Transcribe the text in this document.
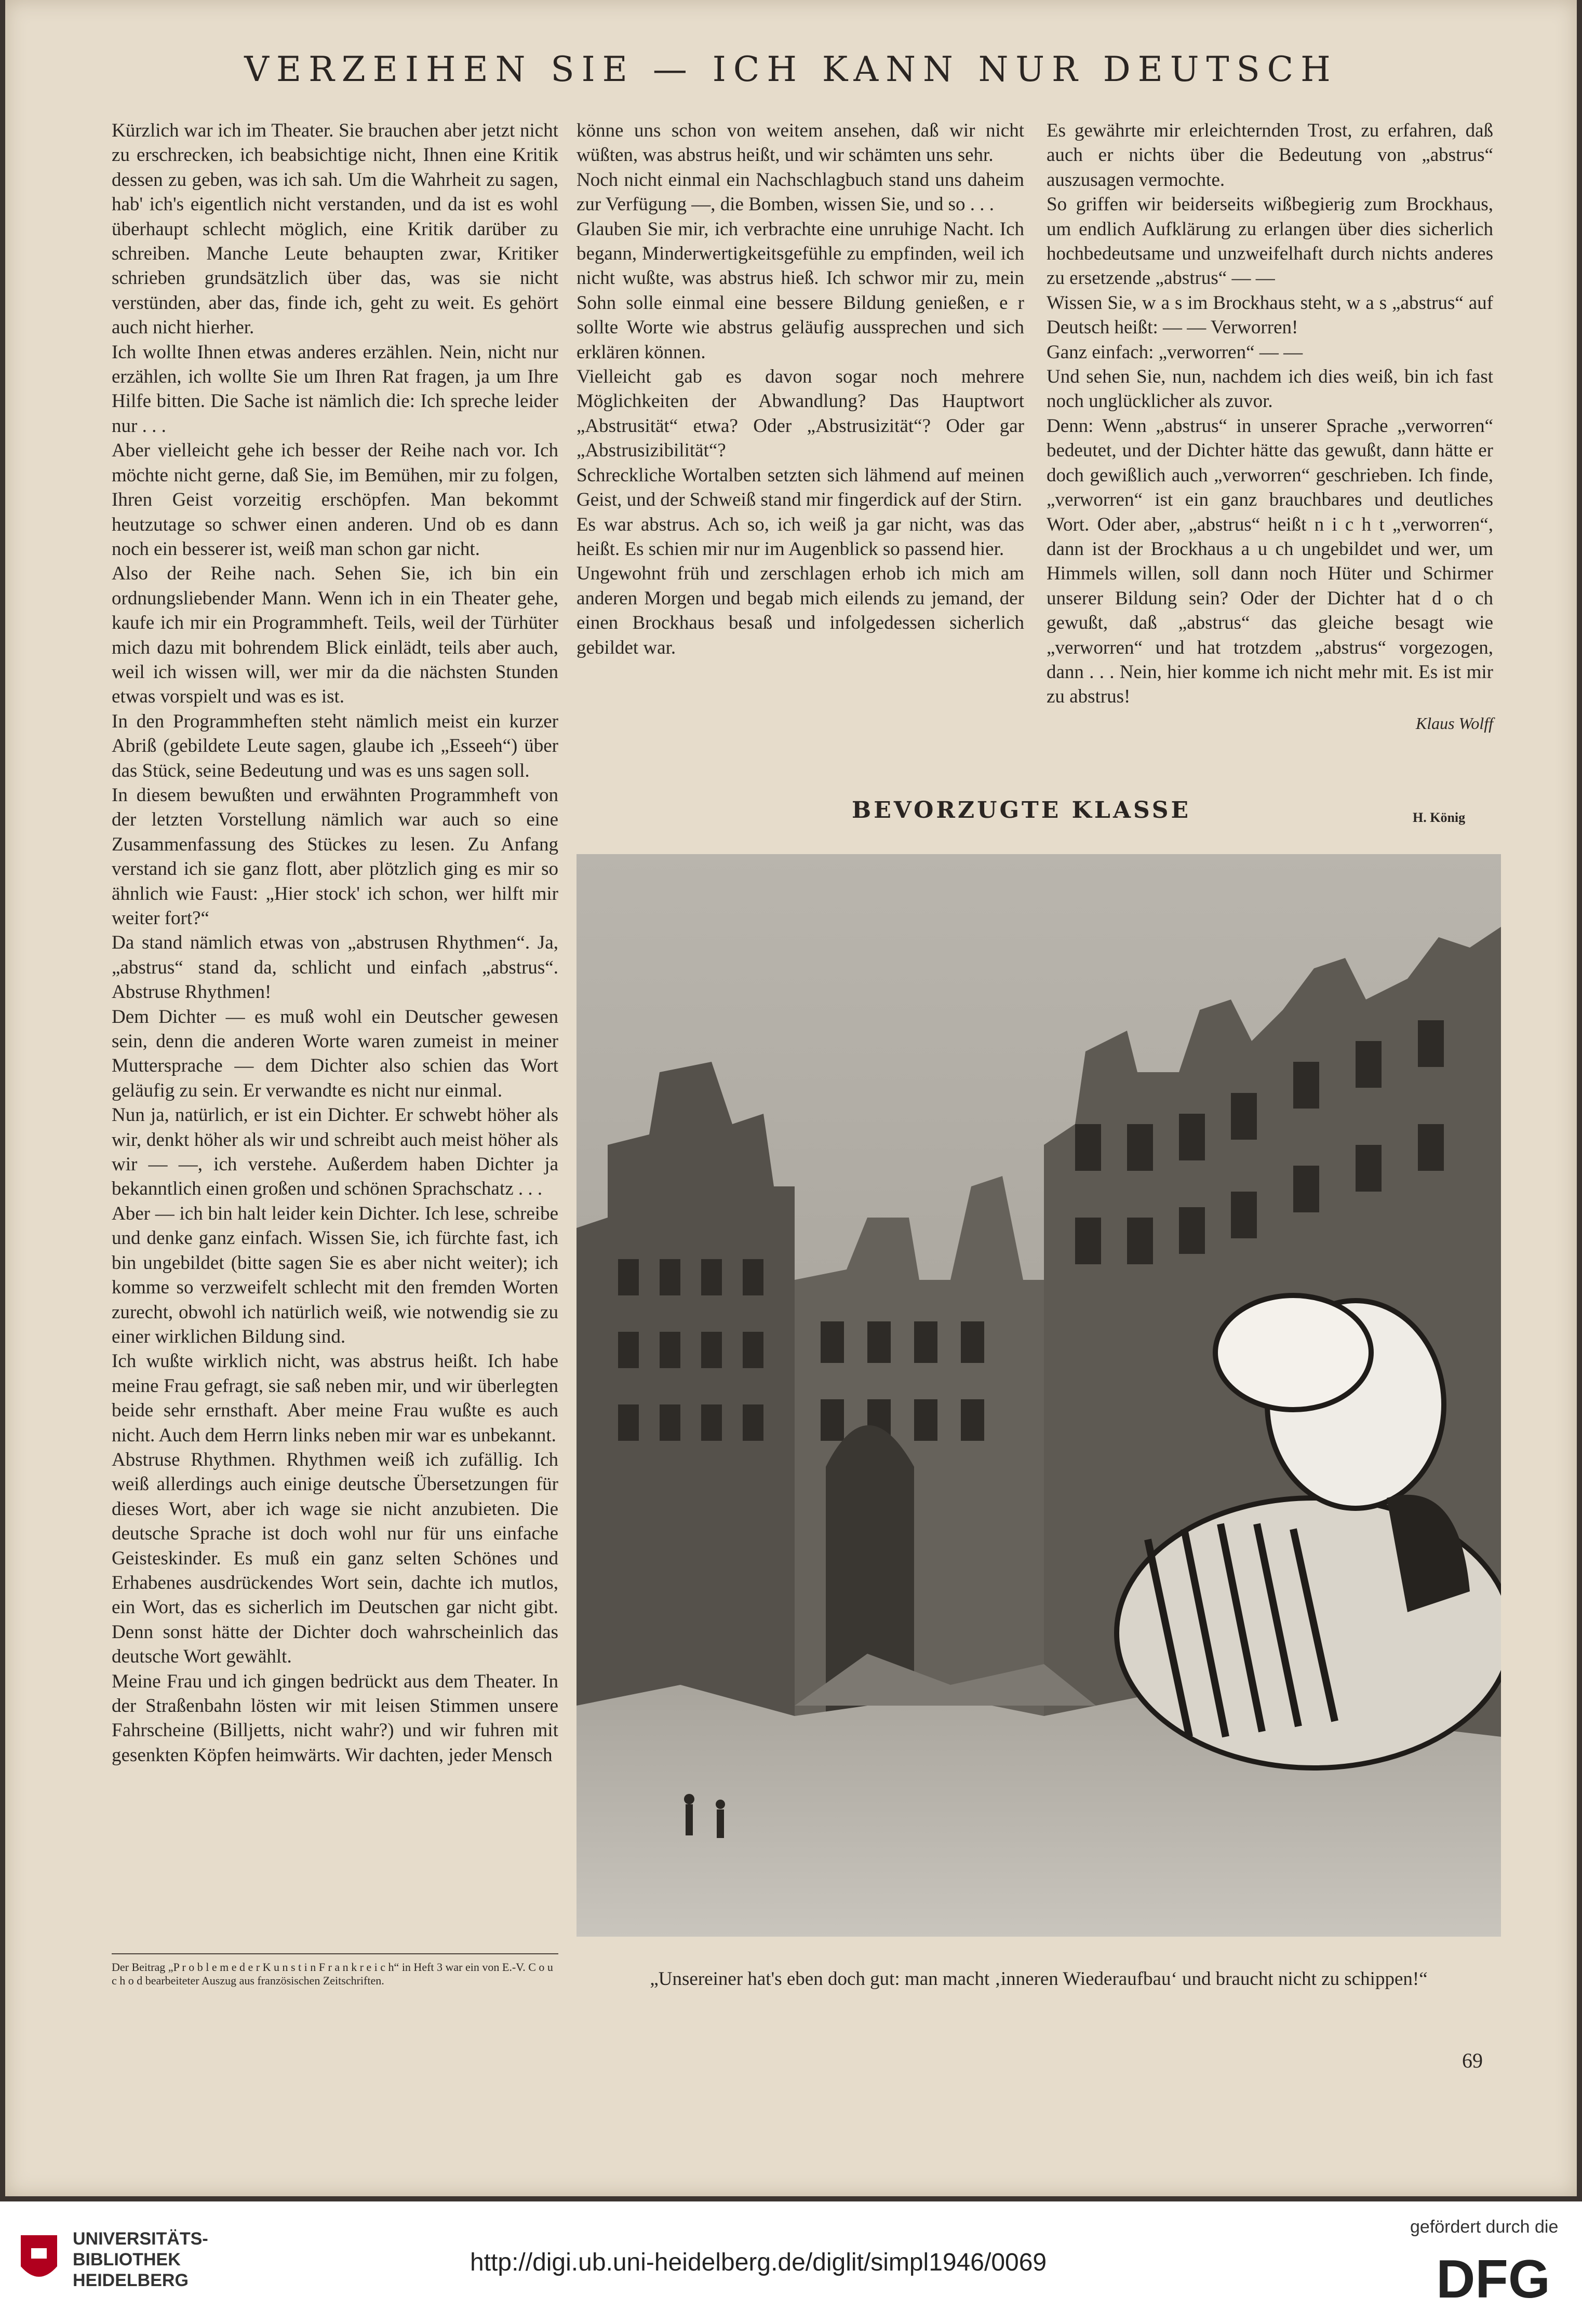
VERZEIHEN SIE — ICH KANN NUR DEUTSCH

Kürzlich war ich im Theater. Sie brauchen aber jetzt nicht zu erschrecken, ich beabsichtige nicht, Ihnen eine Kritik dessen zu geben, was ich sah. Um die Wahrheit zu sagen, hab' ich's eigentlich nicht verstanden, und da ist es wohl überhaupt schlecht möglich, eine Kritik darüber zu schreiben. Manche Leute behaupten zwar, Kritiker schrieben grundsätzlich über das, was sie nicht verstünden, aber das, finde ich, geht zu weit. Es gehört auch nicht hierher.

Ich wollte Ihnen etwas anderes erzählen. Nein, nicht nur erzählen, ich wollte Sie um Ihren Rat fragen, ja um Ihre Hilfe bitten. Die Sache ist nämlich die: Ich spreche leider nur . . .

Aber vielleicht gehe ich besser der Reihe nach vor. Ich möchte nicht gerne, daß Sie, im Bemühen, mir zu folgen, Ihren Geist vorzeitig erschöpfen. Man bekommt heutzutage so schwer einen anderen. Und ob es dann noch ein besserer ist, weiß man schon gar nicht.

Also der Reihe nach. Sehen Sie, ich bin ein ordnungsliebender Mann. Wenn ich in ein Theater gehe, kaufe ich mir ein Programmheft. Teils, weil der Türhüter mich dazu mit bohrendem Blick einlädt, teils aber auch, weil ich wissen will, wer mir da die nächsten Stunden etwas vorspielt und was es ist.

In den Programmheften steht nämlich meist ein kurzer Abriß (gebildete Leute sagen, glaube ich „Esseeh“) über das Stück, seine Bedeutung und was es uns sagen soll.

In diesem bewußten und erwähnten Programmheft von der letzten Vorstellung nämlich war auch so eine Zusammenfassung des Stückes zu lesen. Zu Anfang verstand ich sie ganz flott, aber plötzlich ging es mir so ähnlich wie Faust: „Hier stock' ich schon, wer hilft mir weiter fort?“

Da stand nämlich etwas von „abstrusen Rhythmen“. Ja, „abstrus“ stand da, schlicht und einfach „abstrus“. Abstruse Rhythmen!

Dem Dichter — es muß wohl ein Deutscher gewesen sein, denn die anderen Worte waren zumeist in meiner Muttersprache — dem Dichter also schien das Wort geläufig zu sein. Er verwandte es nicht nur einmal.

Nun ja, natürlich, er ist ein Dichter. Er schwebt höher als wir, denkt höher als wir und schreibt auch meist höher als wir — —, ich verstehe. Außerdem haben Dichter ja bekanntlich einen großen und schönen Sprachschatz . . .

Aber — ich bin halt leider kein Dichter. Ich lese, schreibe und denke ganz einfach. Wissen Sie, ich fürchte fast, ich bin ungebildet (bitte sagen Sie es aber nicht weiter); ich komme so verzweifelt schlecht mit den fremden Worten zurecht, obwohl ich natürlich weiß, wie notwendig sie zu einer wirklichen Bildung sind.

Ich wußte wirklich nicht, was abstrus heißt. Ich habe meine Frau gefragt, sie saß neben mir, und wir überlegten beide sehr ernsthaft. Aber meine Frau wußte es auch nicht. Auch dem Herrn links neben mir war es unbekannt.

Abstruse Rhythmen. Rhythmen weiß ich zufällig. Ich weiß allerdings auch einige deutsche Übersetzungen für dieses Wort, aber ich wage sie nicht anzubieten. Die deutsche Sprache ist doch wohl nur für uns einfache Geisteskinder. Es muß ein ganz selten Schönes und Erhabenes ausdrückendes Wort sein, dachte ich mutlos, ein Wort, das es sicherlich im Deutschen gar nicht gibt. Denn sonst hätte der Dichter doch wahrscheinlich das deutsche Wort gewählt.

Meine Frau und ich gingen bedrückt aus dem Theater. In der Straßenbahn lösten wir mit leisen Stimmen unsere Fahrscheine (Billjetts, nicht wahr?) und wir fuhren mit gesenkten Köpfen heimwärts. Wir dachten, jeder Mensch

könne uns schon von weitem ansehen, daß wir nicht wüßten, was abstrus heißt, und wir schämten uns sehr.

Noch nicht einmal ein Nachschlagbuch stand uns daheim zur Verfügung —, die Bomben, wissen Sie, und so . . .

Glauben Sie mir, ich verbrachte eine unruhige Nacht. Ich begann, Minderwertigkeitsgefühle zu empfinden, weil ich nicht wußte, was abstrus hieß. Ich schwor mir zu, mein Sohn solle einmal eine bessere Bildung genießen, e r sollte Worte wie abstrus geläufig aussprechen und sich erklären können.

Vielleicht gab es davon sogar noch mehrere Möglichkeiten der Abwandlung? Das Hauptwort „Abstrusität“ etwa? Oder „Abstrusizität“? Oder gar „Abstrusizibilität“?

Schreckliche Wortalben setzten sich lähmend auf meinen Geist, und der Schweiß stand mir fingerdick auf der Stirn.

Es war abstrus. Ach so, ich weiß ja gar nicht, was das heißt. Es schien mir nur im Augenblick so passend hier.

Ungewohnt früh und zerschlagen erhob ich mich am anderen Morgen und begab mich eilends zu jemand, der einen Brockhaus besaß und infolgedessen sicherlich gebildet war.

Es gewährte mir erleichternden Trost, zu erfahren, daß auch er nichts über die Bedeutung von „abstrus“ auszusagen vermochte.

So griffen wir beiderseits wißbegierig zum Brockhaus, um endlich Aufklärung zu erlangen über dies sicherlich hochbedeutsame und unzweifelhaft durch nichts anderes zu ersetzende „abstrus“ — —

Wissen Sie, w a s im Brockhaus steht, w a s „abstrus“ auf Deutsch heißt: — — Verworren!

Ganz einfach: „verworren“ — —

Und sehen Sie, nun, nachdem ich dies weiß, bin ich fast noch unglücklicher als zuvor.

Denn: Wenn „abstrus“ in unserer Sprache „verworren“ bedeutet, und der Dichter hätte das gewußt, dann hätte er doch gewißlich auch „verworren“ geschrieben. Ich finde, „verworren“ ist ein ganz brauchbares und deutliches Wort. Oder aber, „abstrus“ heißt n i c h t „verworren“, dann ist der Brockhaus a u ch ungebildet und wer, um Himmels willen, soll dann noch Hüter und Schirmer unserer Bildung sein? Oder der Dichter hat d o ch gewußt, daß „abstrus“ das gleiche besagt wie „verworren“ und hat trotzdem „abstrus“ vorgezogen, dann . . . Nein, hier komme ich nicht mehr mit. Es ist mir zu abstrus!

Klaus Wolff
BEVORZUGTE KLASSE	H. König
„Unsereiner hat's eben doch gut: man macht ‚inneren Wiederaufbau‘ und braucht nicht zu schippen!“
Der Beitrag „P r o b l e m e d e r K u n s t i n F r a n k r e i c h“ in Heft 3 war ein von E.-V. C o u c h o d bearbeiteter Auszug aus französischen Zeitschriften.
69
UNIVERSITÄTS-
BIBLIOTHEK
HEIDELBERG
http://digi.ub.uni-heidelberg.de/diglit/simpl1946/0069
gefördert durch die
DFG
